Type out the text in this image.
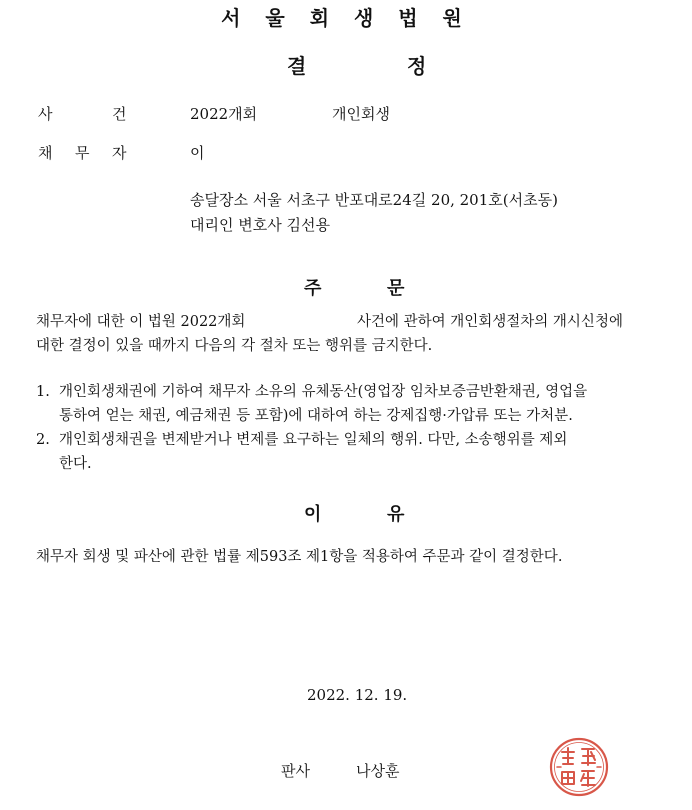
서 울 회 생 법 원
결	정
사	건	2022개회	개인회생
채 무 자	이
송달장소 서울 서초구 반포대로24길 20, 201호(서초동)
대리인 변호사 김선용
주	문
채무자에 대한 이 법원 2022개회	사건에 관하여 개인회생절차의 개시신청에
대한 결정이 있을 때까지 다음의 각 절차 또는 행위를 금지한다.
1. 개인회생채권에 기하여 채무자 소유의 유체동산(영업장 임차보증금반환채권, 영업을
통하여 얻는 채권, 예금채권 등 포함)에 대하여 하는 강제집행·가압류 또는 가처분.
2. 개인회생채권을 변제받거나 변제를 요구하는 일체의 행위. 다만, 소송행위를 제외
한다.
이	유
채무자 회생 및 파산에 관한 법률 제593조 제1항을 적용하여 주문과 같이 결정한다.
2022. 12. 19.
판사	나상훈
